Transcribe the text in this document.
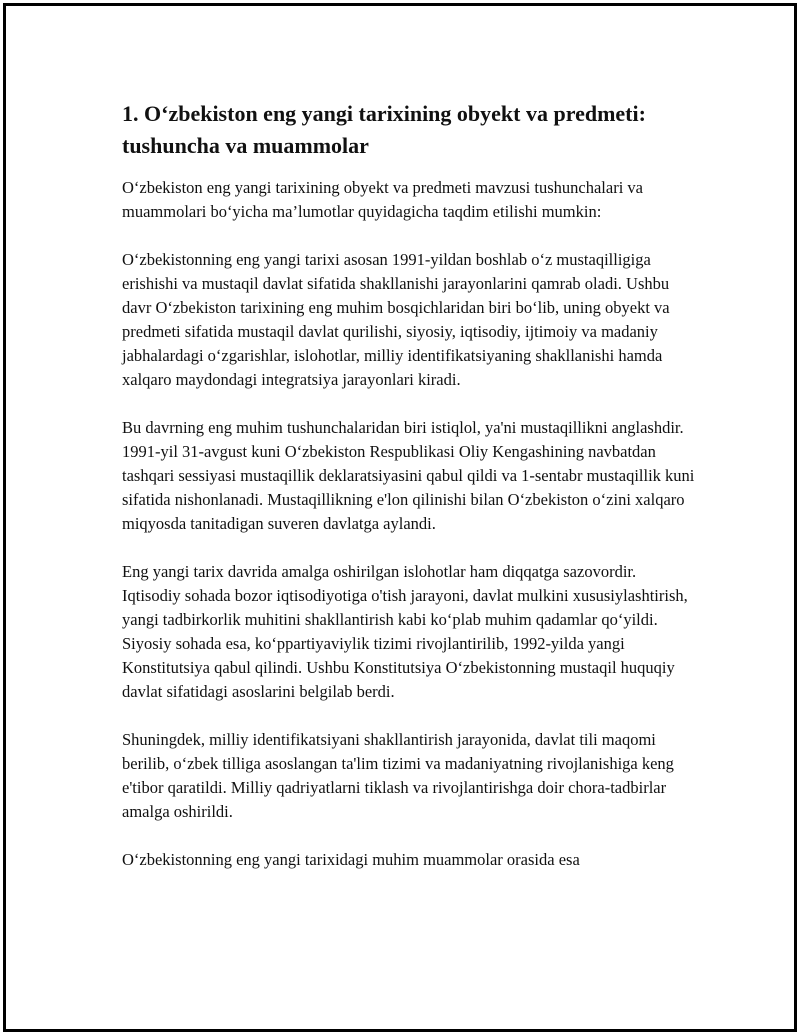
1. O‘zbekiston eng yangi tarixining obyekt va predmeti: tushuncha va muammolar

O‘zbekiston eng yangi tarixining obyekt va predmeti mavzusi tushunchalari va muammolari bo‘yicha ma’lumotlar quyidagicha taqdim etilishi mumkin:

O‘zbekistonning eng yangi tarixi asosan 1991-yildan boshlab o‘z mustaqilligiga erishishi va mustaqil davlat sifatida shakllanishi jarayonlarini qamrab oladi. Ushbu davr O‘zbekiston tarixining eng muhim bosqichlaridan biri bo‘lib, uning obyekt va predmeti sifatida mustaqil davlat qurilishi, siyosiy, iqtisodiy, ijtimoiy va madaniy jabhalardagi o‘zgarishlar, islohotlar, milliy identifikatsiyaning shakllanishi hamda xalqaro maydondagi integratsiya jarayonlari kiradi.

Bu davrning eng muhim tushunchalaridan biri istiqlol, ya'ni mustaqillikni anglashdir. 1991-yil 31-avgust kuni O‘zbekiston Respublikasi Oliy Kengashining navbatdan tashqari sessiyasi mustaqillik deklaratsiyasini qabul qildi va 1-sentabr mustaqillik kuni sifatida nishonlanadi. Mustaqillikning e'lon qilinishi bilan O‘zbekiston o‘zini xalqaro miqyosda tanitadigan suveren davlatga aylandi.

Eng yangi tarix davrida amalga oshirilgan islohotlar ham diqqatga sazovordir. Iqtisodiy sohada bozor iqtisodiyotiga o'tish jarayoni, davlat mulkini xususiylashtirish, yangi tadbirkorlik muhitini shakllantirish kabi ko‘plab muhim qadamlar qo‘yildi. Siyosiy sohada esa, ko‘ppartiyaviylik tizimi rivojlantirilib, 1992-yilda yangi Konstitutsiya qabul qilindi. Ushbu Konstitutsiya O‘zbekistonning mustaqil huquqiy davlat sifatidagi asoslarini belgilab berdi.

Shuningdek, milliy identifikatsiyani shakllantirish jarayonida, davlat tili maqomi berilib, o‘zbek tilliga asoslangan ta'lim tizimi va madaniyatning rivojlanishiga keng e'tibor qaratildi. Milliy qadriyatlarni tiklash va rivojlantirishga doir chora-tadbirlar amalga oshirildi.

O‘zbekistonning eng yangi tarixidagi muhim muammolar orasida esa
